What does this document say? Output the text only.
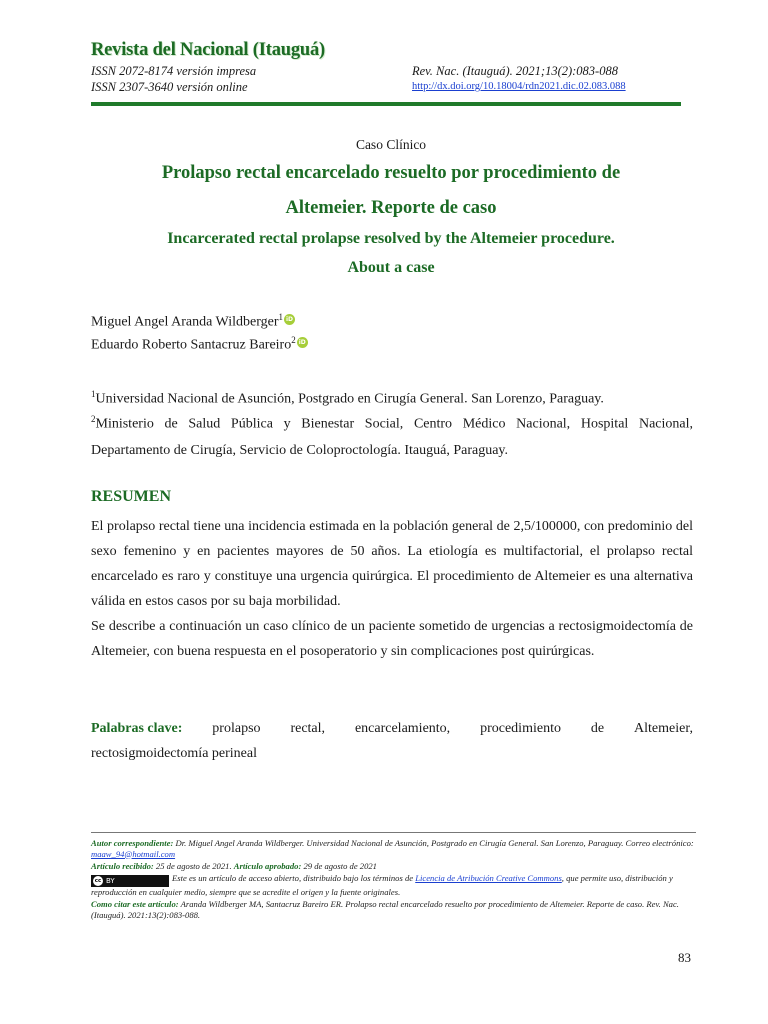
Revista del Nacional (Itauguá)
ISSN 2072-8174 versión impresa
ISSN 2307-3640 versión online
Rev. Nac. (Itauguá). 2021;13(2):083-088
http://dx.doi.org/10.18004/rdn2021.dic.02.083.088
Caso Clínico
Prolapso rectal encarcelado resuelto por procedimiento de
Altemeier. Reporte de caso
Incarcerated rectal prolapse resolved by the Altemeier procedure.
About a case
Miguel Angel Aranda Wildberger$^1$ iD
Eduardo Roberto Santacruz Bareiro$^2$ iD
$^1$Universidad Nacional de Asunción, Postgrado en Cirugía General. San Lorenzo, Paraguay.
$^2$Ministerio de Salud Pública y Bienestar Social, Centro Médico Nacional, Hospital Nacional, Departamento de Cirugía, Servicio de Coloproctología. Itauguá, Paraguay.
RESUMEN
El prolapso rectal tiene una incidencia estimada en la población general de 2,5/100000, con predominio del sexo femenino y en pacientes mayores de 50 años. La etiología es multifactorial, el prolapso rectal encarcelado es raro y constituye una urgencia quirúrgica. El procedimiento de Altemeier es una alternativa válida en estos casos por su baja morbilidad.
Se describe a continuación un caso clínico de un paciente sometido de urgencias a rectosigmoidectomía de Altemeier, con buena respuesta en el posoperatorio y sin complicaciones post quirúrgicas.
Palabras clave: prolapso rectal, encarcelamiento, procedimiento de Altemeier,
rectosigmoidectomía perineal
Autor correspondiente: Dr. Miguel Angel Aranda Wildberger. Universidad Nacional de Asunción, Postgrado en Cirugía General. San Lorenzo, Paraguay. Correo electrónico: maaw_94@hotmail.com
Artículo recibido: 25 de agosto de 2021. Artículo aprobado: 29 de agosto de 2021
cc BY	Este es un artículo de acceso abierto, distribuido bajo los términos de Licencia de Atribución Creative Commons, que permite uso, distribución y reproducción en cualquier medio, siempre que se acredite el origen y la fuente originales.
Como citar este artículo: Aranda Wildberger MA, Santacruz Bareiro ER. Prolapso rectal encarcelado resuelto por procedimiento de Altemeier. Reporte de caso. Rev. Nac. (Itauguá). 2021:13(2):083-088.
83
